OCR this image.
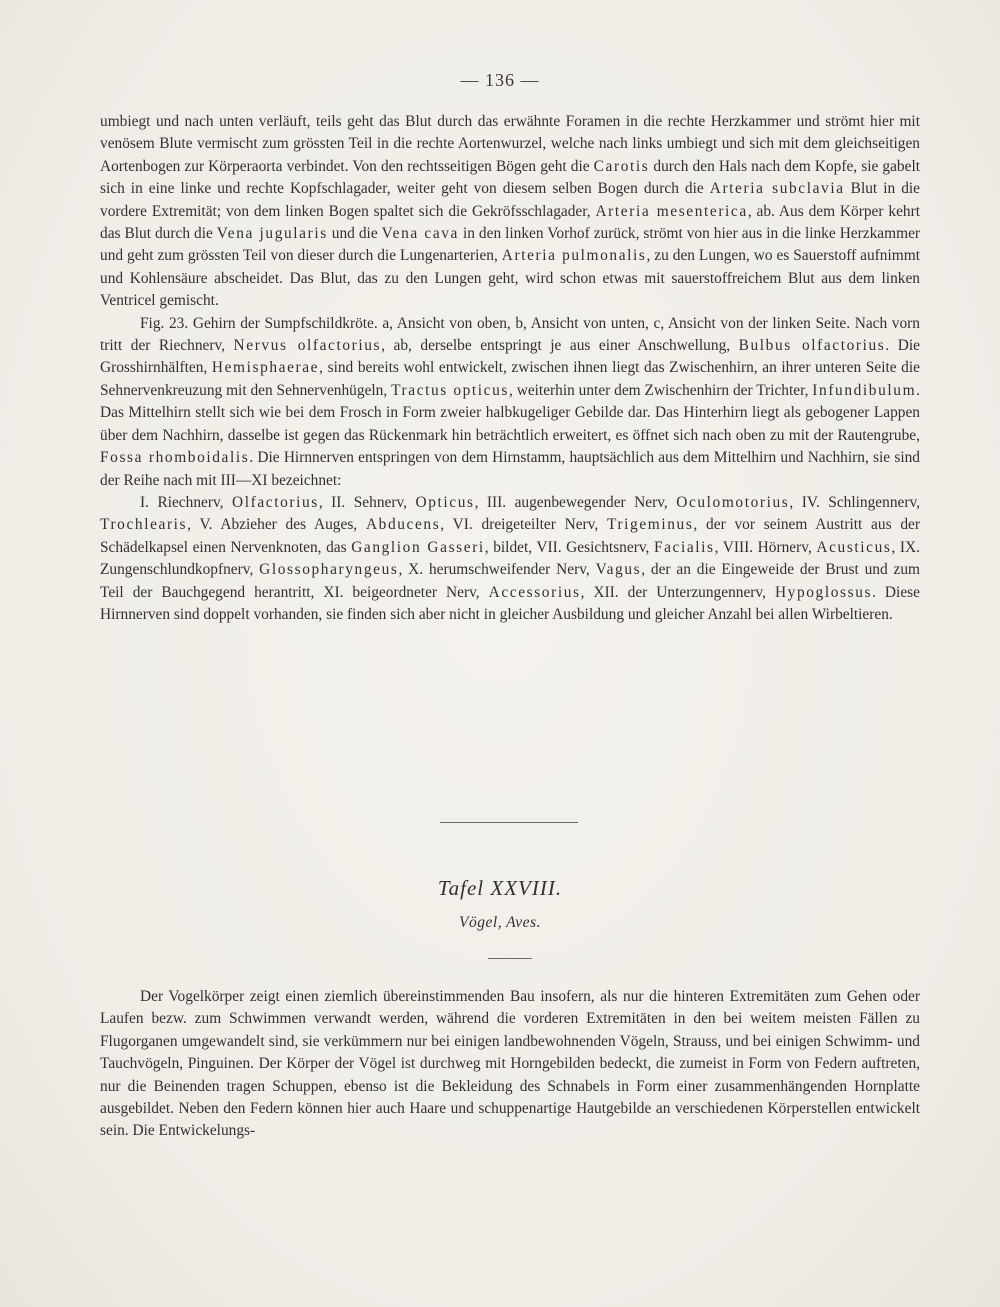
— 136 —

umbiegt und nach unten verläuft, teils geht das Blut durch das erwähnte Foramen in die rechte Herzkammer und strömt hier mit venösem Blute vermischt zum grössten Teil in die rechte Aortenwurzel, welche nach links umbiegt und sich mit dem gleichseitigen Aortenbogen zur Körperaorta verbindet. Von den rechtsseitigen Bögen geht die Carotis durch den Hals nach dem Kopfe, sie gabelt sich in eine linke und rechte Kopfschlagader, weiter geht von diesem selben Bogen durch die Arteria subclavia Blut in die vordere Extremität; von dem linken Bogen spaltet sich die Gekröfsschlagader, Arteria mesenterica, ab. Aus dem Körper kehrt das Blut durch die Vena jugularis und die Vena cava in den linken Vorhof zurück, strömt von hier aus in die linke Herzkammer und geht zum grössten Teil von dieser durch die Lungenarterien, Arteria pulmonalis, zu den Lungen, wo es Sauerstoff aufnimmt und Kohlensäure abscheidet. Das Blut, das zu den Lungen geht, wird schon etwas mit sauerstoffreichem Blut aus dem linken Ventricel gemischt.

Fig. 23. Gehirn der Sumpfschildkröte. a, Ansicht von oben, b, Ansicht von unten, c, Ansicht von der linken Seite. Nach vorn tritt der Riechnerv, Nervus olfactorius, ab, derselbe entspringt je aus einer Anschwellung, Bulbus olfactorius. Die Grosshirnhälften, Hemisphaerae, sind bereits wohl entwickelt, zwischen ihnen liegt das Zwischenhirn, an ihrer unteren Seite die Sehnervenkreuzung mit den Sehnervenhügeln, Tractus opticus, weiterhin unter dem Zwischenhirn der Trichter, Infundibulum. Das Mittelhirn stellt sich wie bei dem Frosch in Form zweier halbkugeliger Gebilde dar. Das Hinterhirn liegt als gebogener Lappen über dem Nachhirn, dasselbe ist gegen das Rückenmark hin beträchtlich erweitert, es öffnet sich nach oben zu mit der Rautengrube, Fossa rhomboidalis. Die Hirnnerven entspringen von dem Hirnstamm, hauptsächlich aus dem Mittelhirn und Nachhirn, sie sind der Reihe nach mit III—XI bezeichnet:

I. Riechnerv, Olfactorius, II. Sehnerv, Opticus, III. augenbewegender Nerv, Oculomotorius, IV. Schlingennerv, Trochlearis, V. Abzieher des Auges, Abducens, VI. dreigeteilter Nerv, Trigeminus, der vor seinem Austritt aus der Schädelkapsel einen Nervenknoten, das Ganglion Gasseri, bildet, VII. Gesichtsnerv, Facialis, VIII. Hörnerv, Acusticus, IX. Zungenschlundkopfnerv, Glossopharyngeus, X. herumschweifender Nerv, Vagus, der an die Eingeweide der Brust und zum Teil der Bauchgegend herantritt, XI. beigeordneter Nerv, Accessorius, XII. der Unterzungennerv, Hypoglossus. Diese Hirnnerven sind doppelt vorhanden, sie finden sich aber nicht in gleicher Ausbildung und gleicher Anzahl bei allen Wirbeltieren.

Tafel XXVIII.
Vögel, Aves.

Der Vogelkörper zeigt einen ziemlich übereinstimmenden Bau insofern, als nur die hinteren Extremitäten zum Gehen oder Laufen bezw. zum Schwimmen verwandt werden, während die vorderen Extremitäten in den bei weitem meisten Fällen zu Flugorganen umgewandelt sind, sie verkümmern nur bei einigen landbewohnenden Vögeln, Strauss, und bei einigen Schwimm- und Tauchvögeln, Pinguinen. Der Körper der Vögel ist durchweg mit Horngebilden bedeckt, die zumeist in Form von Federn auftreten, nur die Beinenden tragen Schuppen, ebenso ist die Bekleidung des Schnabels in Form einer zusammenhängenden Hornplatte ausgebildet. Neben den Federn können hier auch Haare und schuppenartige Hautgebilde an verschiedenen Körperstellen entwickelt sein. Die Entwickelungs-
